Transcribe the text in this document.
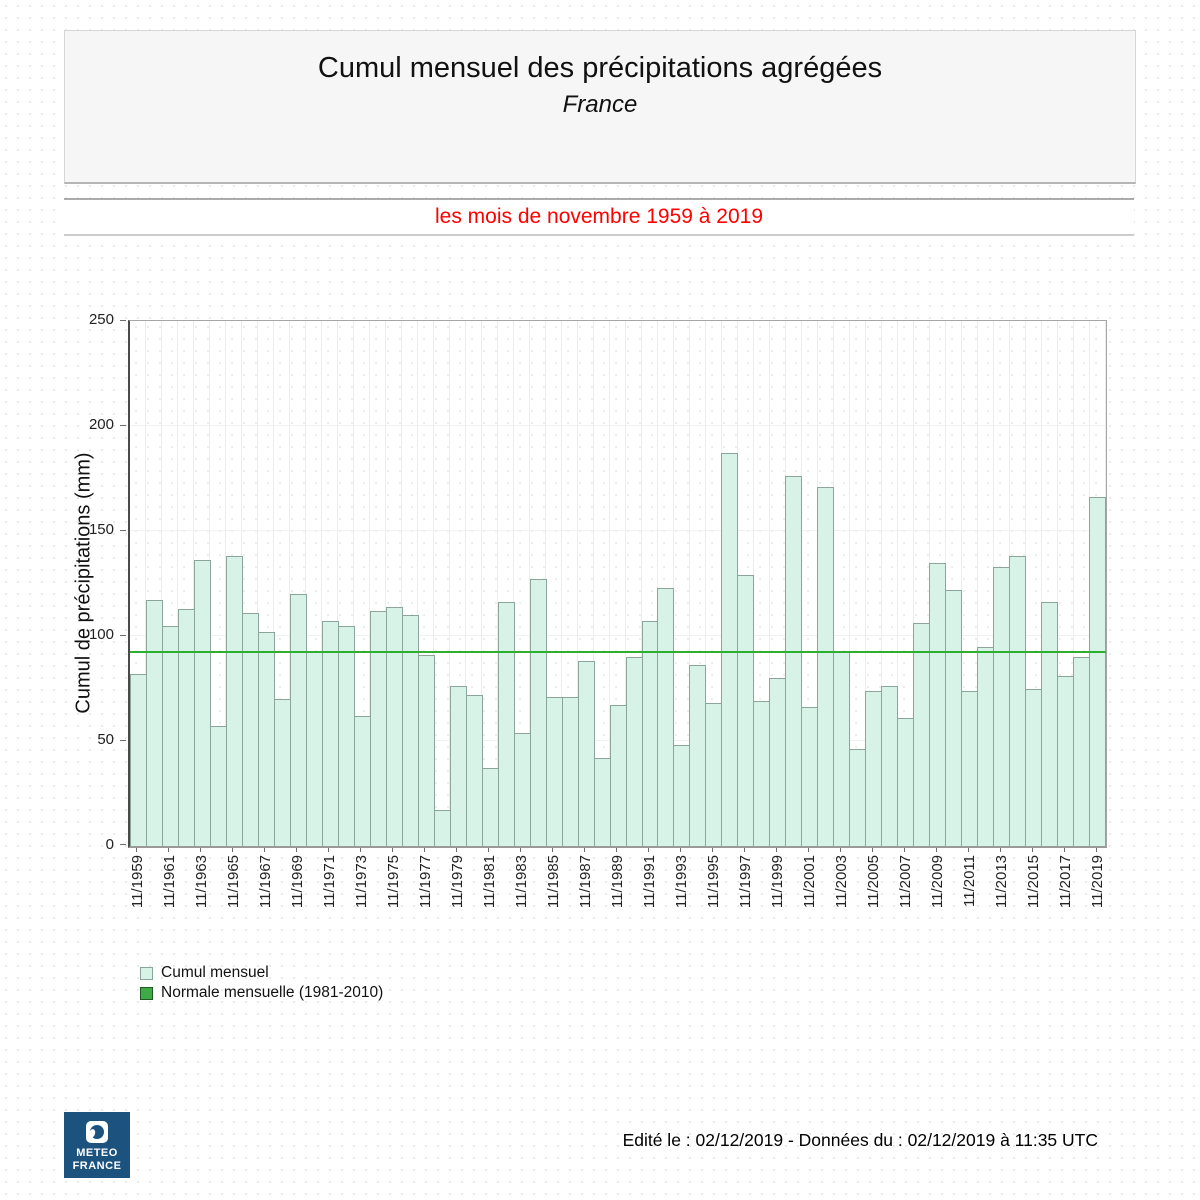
Cumul mensuel des précipitations agrégées
France
les mois de novembre 1959 à 2019
Cumul de précipitations (mm)
0
50
100
150
200
250
11/1959 11/1961 11/1963 11/1965 11/1967 11/1969 11/1971 11/1973 11/1975 11/1977 11/1979 11/1981 11/1983 11/1985 11/1987 11/1989 11/1991 11/1993 11/1995 11/1997 11/1999 11/2001 11/2003 11/2005 11/2007 11/2009 11/2011 11/2013 11/2015 11/2017 11/2019
Cumul mensuel
Normale mensuelle (1981-2010)
METEO
FRANCE
Edité le : 02/12/2019 - Données du : 02/12/2019 à 11:35 UTC
